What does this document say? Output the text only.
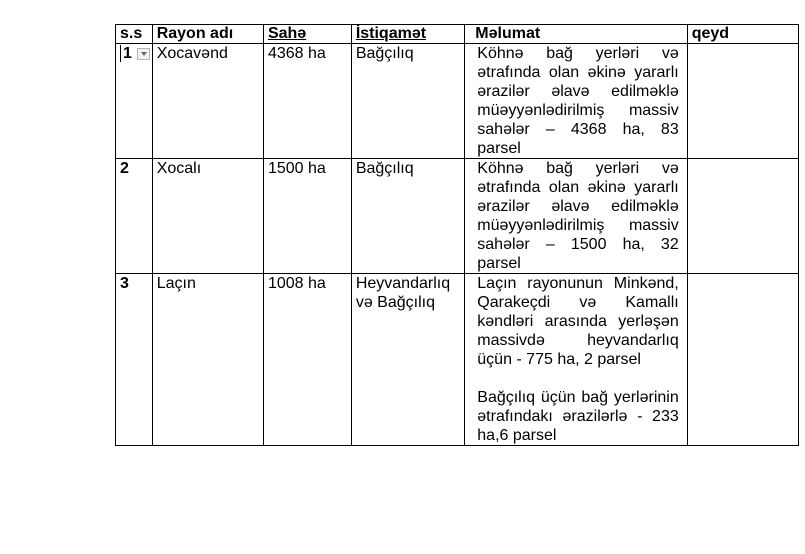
s.s	Rayon adı	Sahə	İstiqamət	Məlumat	qeyd

1	Xocavənd	4368 ha	Bağçılıq	Köhnə bağ yerləri və ətrafında olan əkinə yararlı ərazilər əlavə edilməklə müəyyənlədirilmiş massiv sahələr – 4368 ha, 83 parsel	

2	Xocalı	1500 ha	Bağçılıq	Köhnə bağ yerləri və ətrafında olan əkinə yararlı ərazilər əlavə edilməklə müəyyənlədirilmiş massiv sahələr – 1500 ha, 32 parsel	

3	Laçın	1008 ha	Heyvandarlıq və Bağçılıq	Laçın rayonunun Minkənd, Qarakeçdi və Kamallı kəndləri arasında yerləşən massivdə heyvandarlıq üçün - 775 ha, 2 parsel

Bağçılıq üçün bağ yerlərinin ətrafındakı ərazilərlə - 233 ha,6 parsel	
